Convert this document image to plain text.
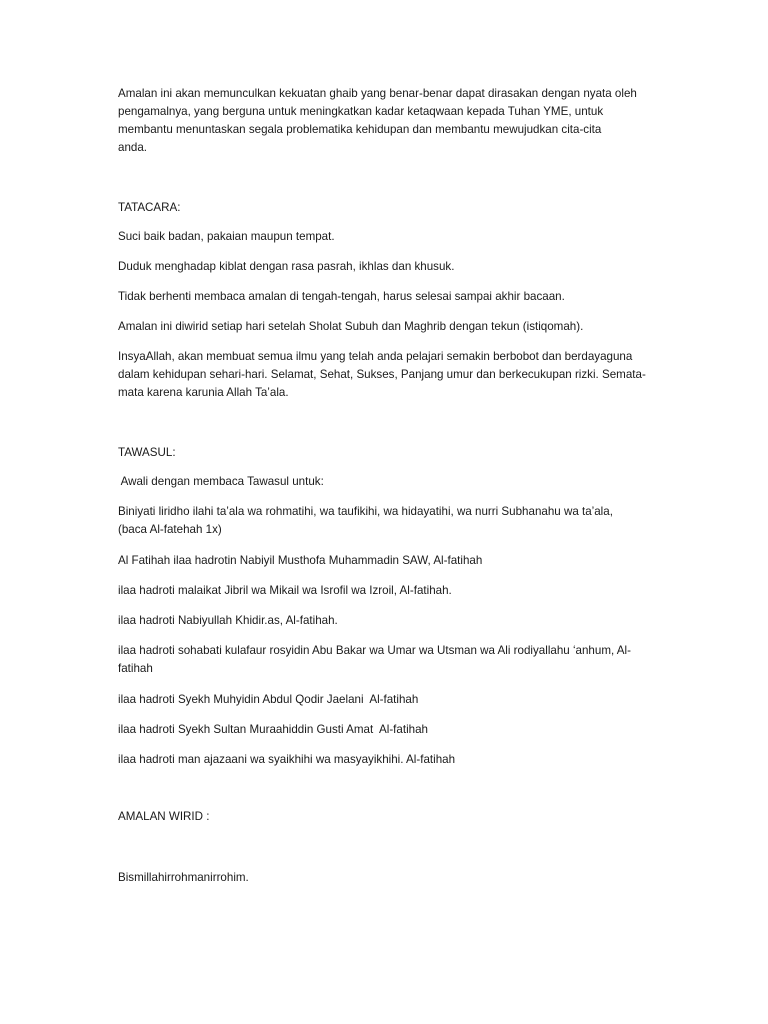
Amalan ini akan memunculkan kekuatan ghaib yang benar-benar dapat dirasakan dengan nyata oleh
pengamalnya, yang berguna untuk meningkatkan kadar ketaqwaan kepada Tuhan YME, untuk
membantu menuntaskan segala problematika kehidupan dan membantu mewujudkan cita-cita
anda.

TATACARA:

Suci baik badan, pakaian maupun tempat.

Duduk menghadap kiblat dengan rasa pasrah, ikhlas dan khusuk.

Tidak berhenti membaca amalan di tengah-tengah, harus selesai sampai akhir bacaan.

Amalan ini diwirid setiap hari setelah Sholat Subuh dan Maghrib dengan tekun (istiqomah).

InsyaAllah, akan membuat semua ilmu yang telah anda pelajari semakin berbobot dan berdayaguna
dalam kehidupan sehari-hari. Selamat, Sehat, Sukses, Panjang umur dan berkecukupan rizki. Semata-
mata karena karunia Allah Ta’ala.

TAWASUL:

Awali dengan membaca Tawasul untuk:

Biniyati liridho ilahi ta’ala wa rohmatihi, wa taufikihi, wa hidayatihi, wa nurri Subhanahu wa ta’ala,
(baca Al-fatehah 1x)

Al Fatihah ilaa hadrotin Nabiyil Musthofa Muhammadin SAW, Al-fatihah

ilaa hadroti malaikat Jibril wa Mikail wa Isrofil wa Izroil, Al-fatihah.

ilaa hadroti Nabiyullah Khidir.as, Al-fatihah.

ilaa hadroti sohabati kulafaur rosyidin Abu Bakar wa Umar wa Utsman wa Ali rodiyallahu ‘anhum, Al-
fatihah

ilaa hadroti Syekh Muhyidin Abdul Qodir Jaelani  Al-fatihah

ilaa hadroti Syekh Sultan Muraahiddin Gusti Amat  Al-fatihah

ilaa hadroti man ajazaani wa syaikhihi wa masyayikhihi. Al-fatihah

AMALAN WIRID :

Bismillahirrohmanirrohim.
